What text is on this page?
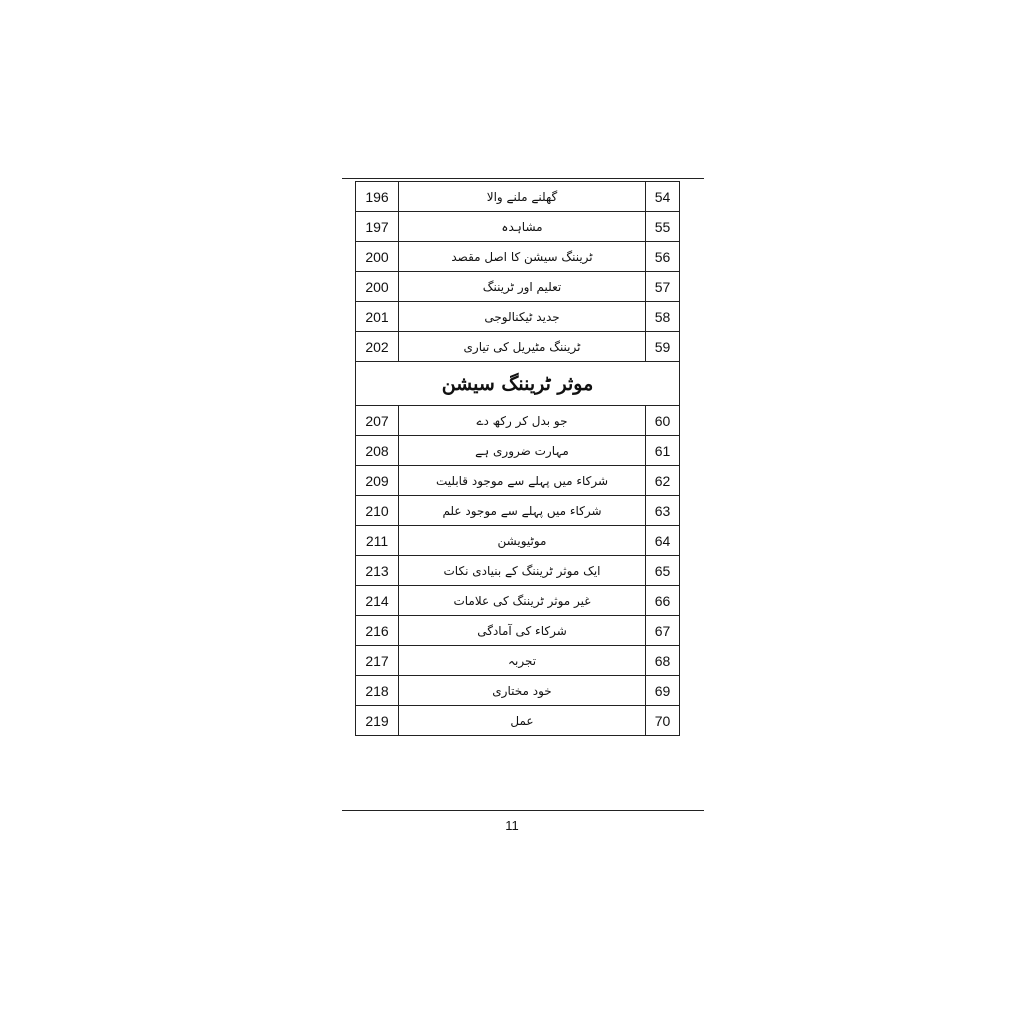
196	گھلنے ملنے والا	54
197	مشاہدہ	55
200	ٹریننگ سیشن کا اصل مقصد	56
200	تعلیم اور ٹریننگ	57
201	جدید ٹیکنالوجی	58
202	ٹریننگ مٹیریل کی تیاری	59
موثر ٹریننگ سیشن		
207	جو بدل کر رکھ دے	60
208	مہارت ضروری ہے	61
209	شرکاء میں پہلے سے موجود قابلیت	62
210	شرکاء میں پہلے سے موجود علم	63
211	موٹیویشن	64
213	ایک موثر ٹریننگ کے بنیادی نکات	65
214	غیر موثر ٹریننگ کی علامات	66
216	شرکاء کی آمادگی	67
217	تجربہ	68
218	خود مختاری	69
219	عمل	70
11
